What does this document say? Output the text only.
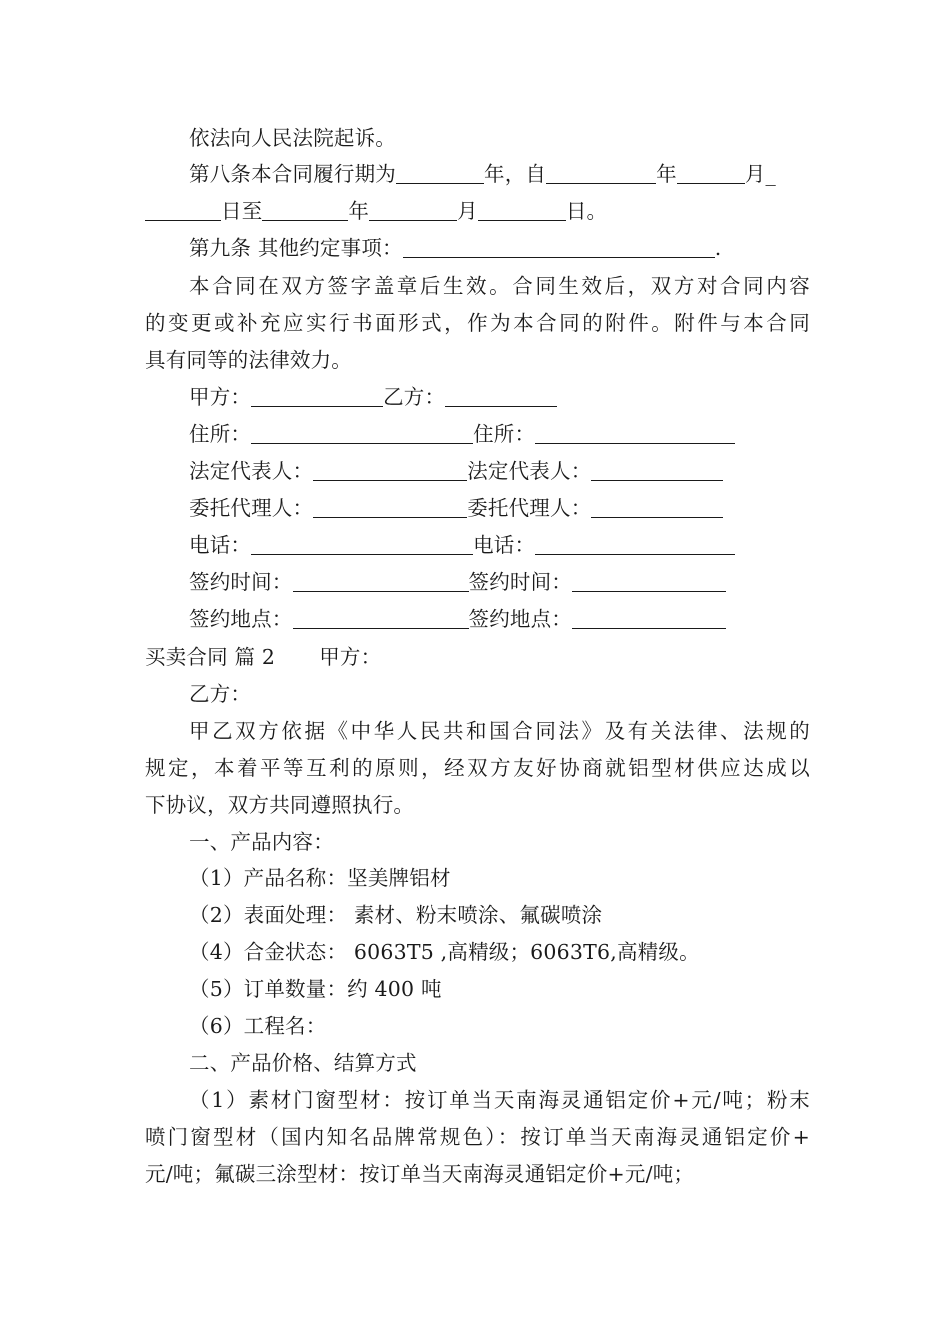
依法向人民法院起诉。
第八条本合同履行期为	年，自	年	月_
日至	年	月	日。
第九条 其他约定事项：	.
本合同在双方签字盖章后生效。合同生效后，双方对合同内容
的变更或补充应实行书面形式，作为本合同的附件。附件与本合同
具有同等的法律效力。
甲方：	乙方：
住所：	住所：
法定代表人：	法定代表人：
委托代理人：	委托代理人：
电话：	电话：
签约时间：	签约时间：
签约地点：	签约地点：
买卖合同 篇 2 甲方：
乙方：
甲乙双方依据《中华人民共和国合同法》及有关法律、法规的
规定，本着平等互利的原则，经双方友好协商就铝型材供应达成以
下协议，双方共同遵照执行。
一、产品内容：
（1）产品名称：坚美牌铝材
（2）表面处理： 素材、粉末喷涂、氟碳喷涂
（4）合金状态： 6063T5 ,高精级；6063T6,高精级。
（5）订单数量：约 400 吨
（6）工程名：
二、产品价格、结算方式
（1）素材门窗型材：按订单当天南海灵通铝定价+元/吨；粉末
喷门窗型材（国内知名品牌常规色）：按订单当天南海灵通铝定价+
元/吨；氟碳三涂型材：按订单当天南海灵通铝定价+元/吨；
